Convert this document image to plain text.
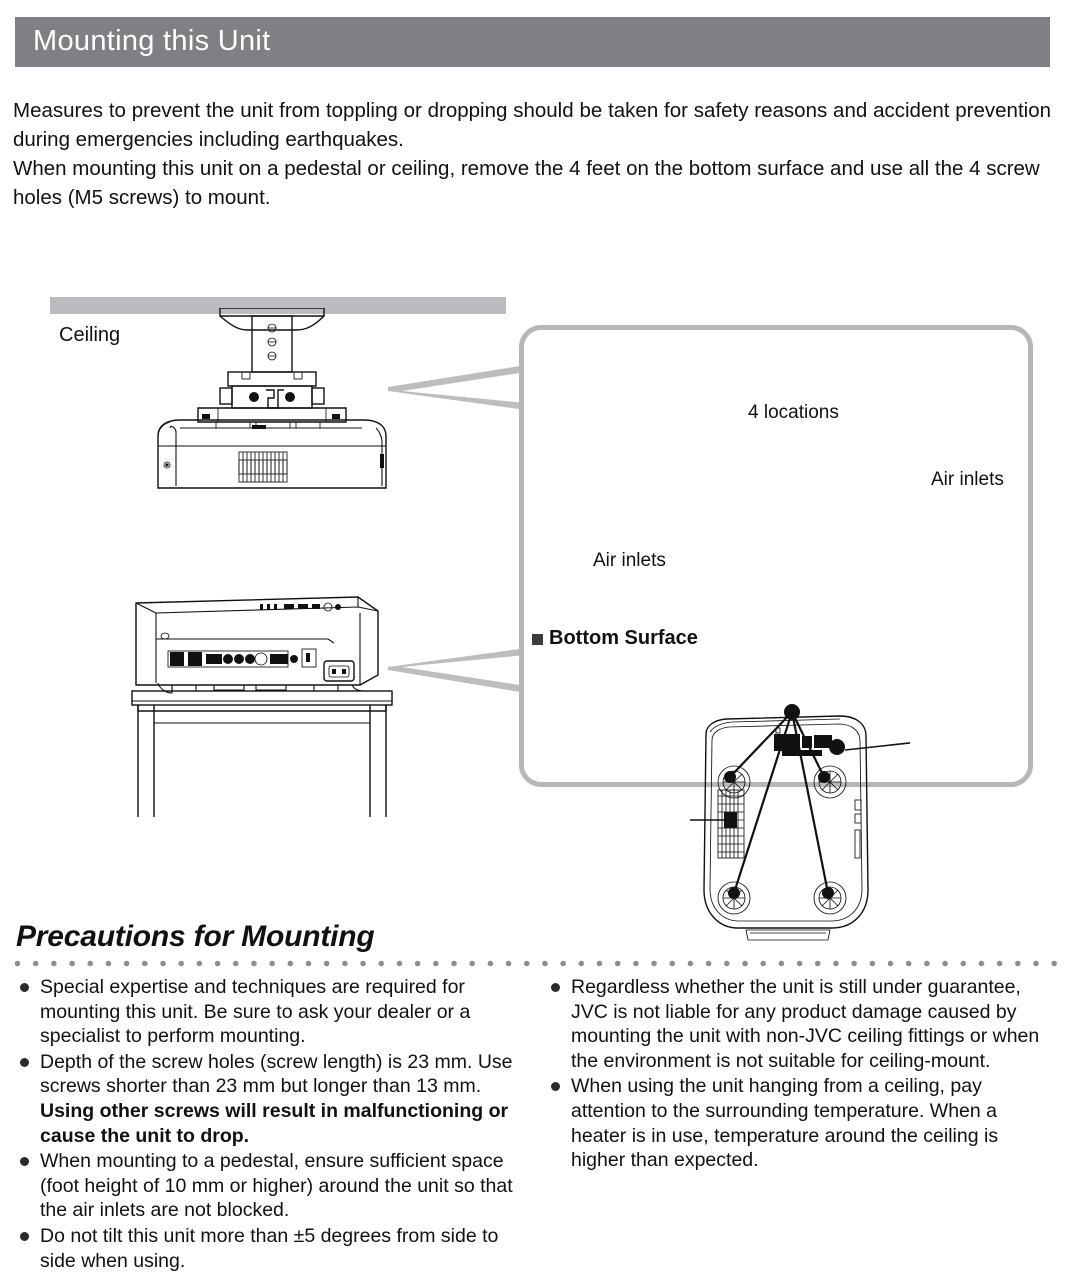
Mounting this Unit
Measures to prevent the unit from toppling or dropping should be taken for safety reasons and accident prevention during emergencies including earthquakes.
When mounting this unit on a pedestal or ceiling, remove the 4 feet on the bottom surface and use all the 4 screw holes (M5 screws) to mount.
Ceiling
Bottom Surface
4 locations
Air inlets
Air inlets
Precautions for Mounting
Special expertise and techniques are required for mounting this unit. Be sure to ask your dealer or a specialist to perform mounting.
Depth of the screw holes (screw length) is 23 mm. Use screws shorter than 23 mm but longer than 13 mm. Using other screws will result in malfunctioning or cause the unit to drop.
When mounting to a pedestal, ensure sufficient space (foot height of 10 mm or higher) around the unit so that the air inlets are not blocked.
Do not tilt this unit more than ±5 degrees from side to side when using.
Regardless whether the unit is still under guarantee, JVC is not liable for any product damage caused by mounting the unit with non-JVC ceiling fittings or when the environment is not suitable for ceiling-mount.
When using the unit hanging from a ceiling, pay attention to the surrounding temperature. When a heater is in use, temperature around the ceiling is higher than expected.
